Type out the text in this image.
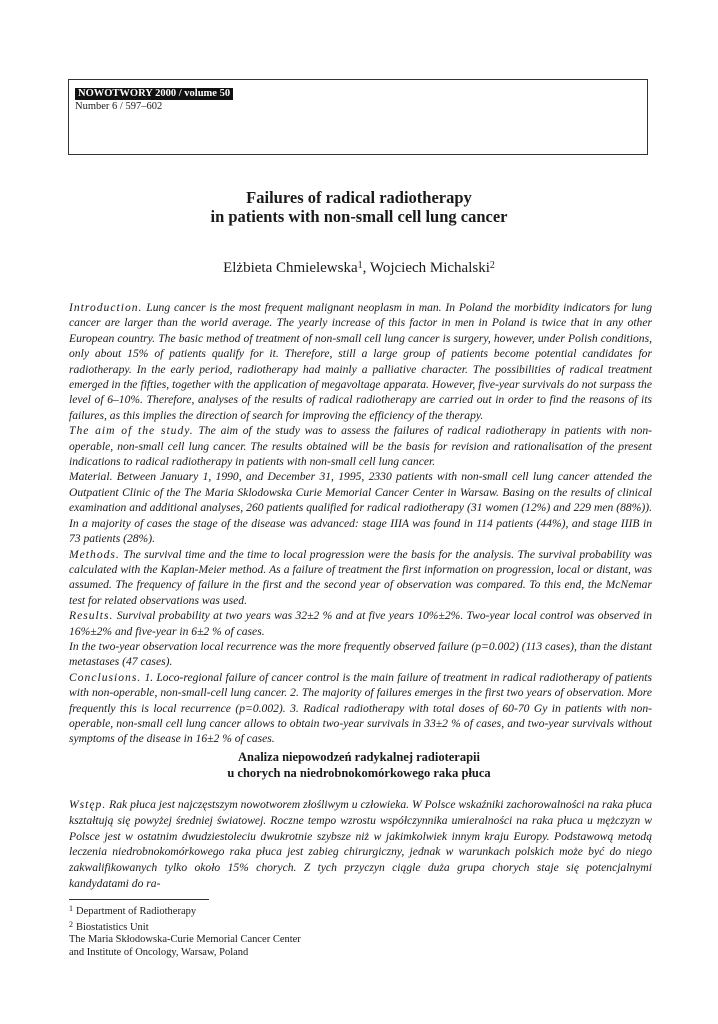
NOWOTWORY 2000 / volume 50
Number 6 / 597–602
Failures of radical radiotherapy
in patients with non-small cell lung cancer
Elżbieta Chmielewska$^1$, Wojciech Michalski$^2$

Introduction. Lung cancer is the most frequent malignant neoplasm in man. In Poland the morbidity indicators for lung cancer are larger than the world average. The yearly increase of this factor in men in Poland is twice that in any other European country. The basic method of treatment of non-small cell lung cancer is surgery, however, under Polish conditions, only about 15% of patients qualify for it. Therefore, still a large group of patients become potential candidates for radiotherapy. In the early period, radiotherapy had mainly a palliative character. The possibilities of radical treatment emerged in the fifties, together with the application of megavoltage apparata. However, five-year survivals do not surpass the level of 6–10%. Therefore, analyses of the results of radical radiotherapy are carried out in order to find the reasons of its failures, as this implies the direction of search for improving the efficiency of the therapy.

The aim of the study. The aim of the study was to assess the failures of radical radiotherapy in patients with non-operable, non-small cell lung cancer. The results obtained will be the basis for revision and rationalisation of the present indications to radical radiotherapy in patients with non-small cell lung cancer.

Material. Between January 1, 1990, and December 31, 1995, 2330 patients with non-small cell lung cancer attended the Outpatient Clinic of the The Maria Sklodowska Curie Memorial Cancer Center in Warsaw. Basing on the results of clinical examination and additional analyses, 260 patients qualified for radical radiotherapy (31 women (12%) and 229 men (88%)). In a majority of cases the stage of the disease was advanced: stage IIIA was found in 114 patients (44%), and stage IIIB in 73 patients (28%).

Methods. The survival time and the time to local progression were the basis for the analysis. The survival probability was calculated with the Kaplan-Meier method. As a failure of treatment the first information on progression, local or distant, was assumed. The frequency of failure in the first and the second year of observation was compared. To this end, the McNemar test for related observations was used.

Results. Survival probability at two years was 32±2 % and at five years 10%±2%. Two-year local control was observed in 16%±2% and five-year in 6±2 % of cases.

In the two-year observation local recurrence was the more frequently observed failure (p=0.002) (113 cases), than the distant metastases (47 cases).

Conclusions. 1. Loco-regional failure of cancer control is the main failure of treatment in radical radiotherapy of patients with non-operable, non-small-cell lung cancer. 2. The majority of failures emerges in the first two years of observation. More frequently this is local recurrence (p=0.002). 3. Radical radiotherapy with total doses of 60-70 Gy in patients with non-operable, non-small cell lung cancer allows to obtain two-year survivals in 33±2 % of cases, and two-year survivals without symptoms of the disease in 16±2 % of cases.

Analiza niepowodzeń radykalnej radioterapii
u chorych na niedrobnokomórkowego raka płuca

Wstęp. Rak płuca jest najczęstszym nowotworem złośliwym u człowieka. W Polsce wskaźniki zachorowalności na raka płuca kształtują się powyżej średniej światowej. Roczne tempo wzrostu współczynnika umieralności na raka płuca u mężczyzn w Polsce jest w ostatnim dwudziestoleciu dwukrotnie szybsze niż w jakimkolwiek innym kraju Europy. Podstawową metodą leczenia niedrobnokomórkowego raka płuca jest zabieg chirurgiczny, jednak w warunkach polskich może być do niego zakwalifikowanych tylko około 15% chorych. Z tych przyczyn ciągle duża grupa chorych staje się potencjalnymi kandydatami do ra-

$^1$ Department of Radiotherapy
$^2$ Biostatistics Unit
The Maria Skłodowska-Curie Memorial Cancer Center
and Institute of Oncology, Warsaw, Poland
